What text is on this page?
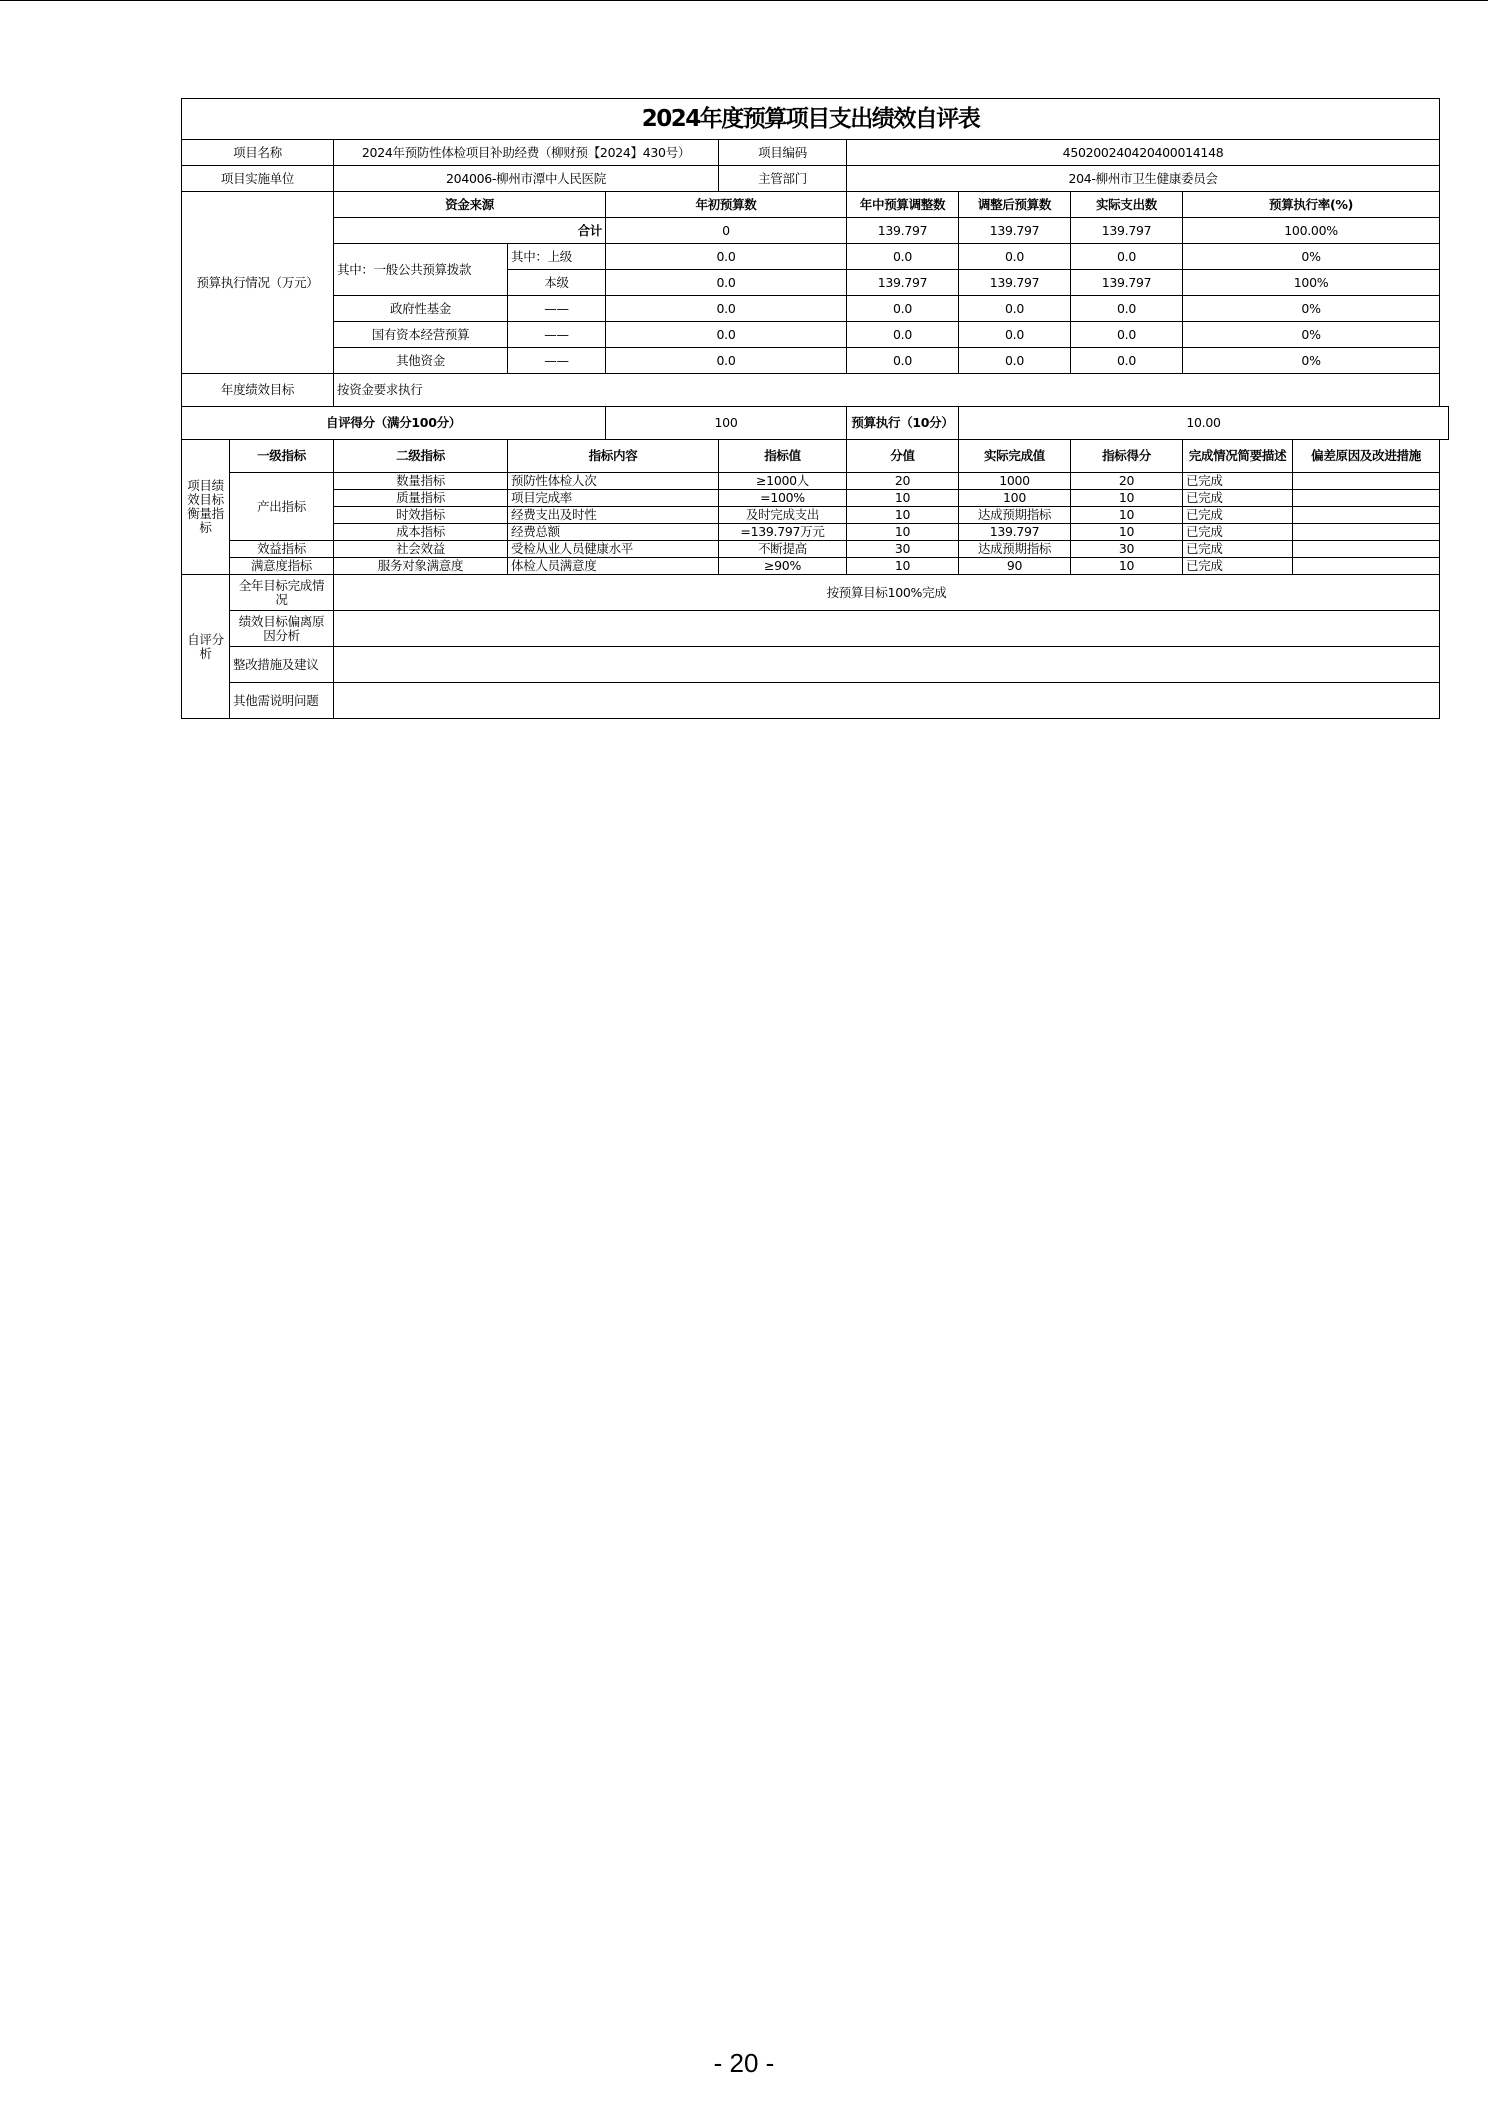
2024年度预算项目支出绩效自评表										
项目名称		2024年预防性体检项目补助经费（柳财预【2024】430号）			项目编码	450200240420400014148				
项目实施单位		204006-柳州市潭中人民医院			主管部门	204-柳州市卫生健康委员会				
预算执行情况（万元）		资金来源		年初预算数		年中预算调整数	调整后预算数	实际支出数	预算执行率(%)	
		合计		0		139.797	139.797	139.797	100.00%	
		其中：一般公共预算拨款	其中：上级	0.0		0.0	0.0	0.0	0%	
			本级	0.0		139.797	139.797	139.797	100%	
		政府性基金	——	0.0		0.0	0.0	0.0	0%	
		国有资本经营预算	——	0.0		0.0	0.0	0.0	0%	
		其他资金	——	0.0		0.0	0.0	0.0	0%	
年度绩效目标		按资金要求执行								
自评得分（满分100分）				100		预算执行（10分）	10.00			
项目绩效目标衡量指标	一级指标	二级指标	指标内容		指标值	分值	实际完成值	指标得分	完成情况简要描述	偏差原因及改进措施
	产出指标	数量指标	预防性体检人次		≥1000人	20	1000	20	已完成	
		质量指标	项目完成率		=100%	10	100	10	已完成	
		时效指标	经费支出及时性		及时完成支出	10	达成预期指标	10	已完成	
		成本指标	经费总额		=139.797万元	10	139.797	10	已完成	
	效益指标	社会效益	受检从业人员健康水平		不断提高	30	达成预期指标	30	已完成	
	满意度指标	服务对象满意度	体检人员满意度		≥90%	10	90	10	已完成	
自评分析	全年目标完成情况	按预算目标100%完成								
	绩效目标偏离原因分析									
	整改措施及建议									
	其他需说明问题									
- 20 -
